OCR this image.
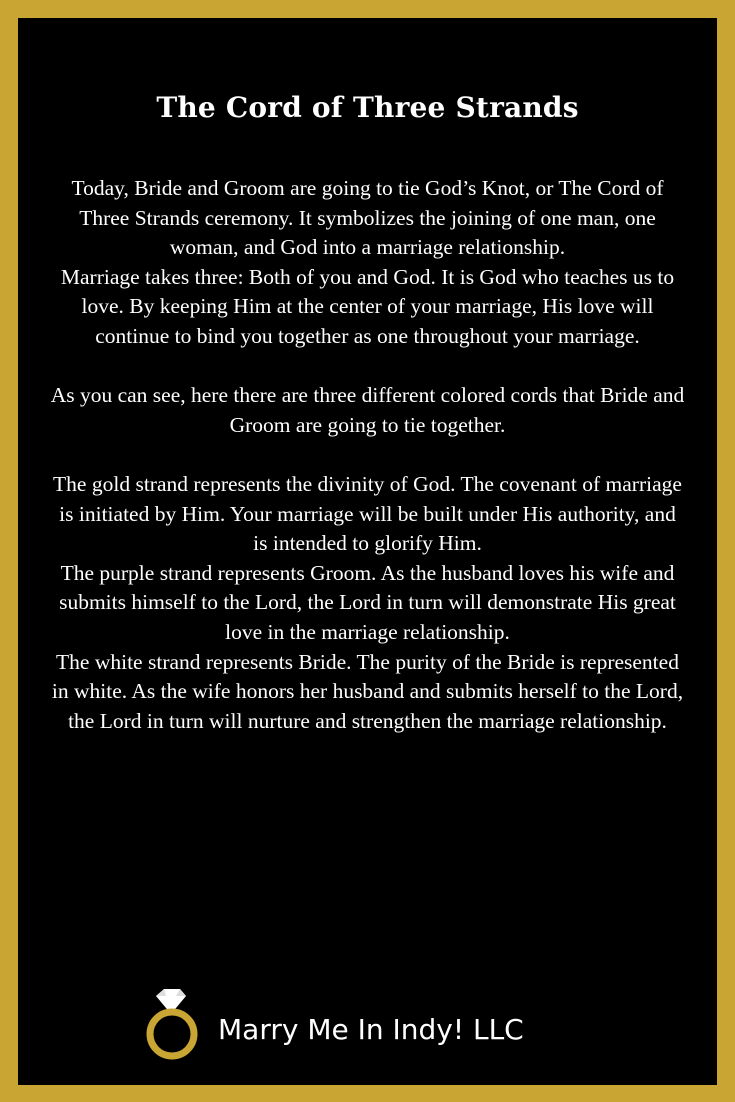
The Cord of Three Strands

Today, Bride and Groom are going to tie God’s Knot, or The Cord of Three Strands ceremony. It symbolizes the joining of one man, one woman, and God into a marriage relationship.

Marriage takes three: Both of you and God. It is God who teaches us to love. By keeping Him at the center of your marriage, His love will continue to bind you together as one throughout your marriage.

As you can see, here there are three different colored cords that Bride and Groom are going to tie together.

The gold strand represents the divinity of God. The covenant of marriage is initiated by Him. Your marriage will be built under His authority, and is intended to glorify Him.

The purple strand represents Groom. As the husband loves his wife and submits himself to the Lord, the Lord in turn will demonstrate His great love in the marriage relationship.

The white strand represents Bride. The purity of the Bride is represented in white. As the wife honors her husband and submits herself to the Lord, the Lord in turn will nurture and strengthen the marriage relationship.

Marry Me In Indy! LLC
